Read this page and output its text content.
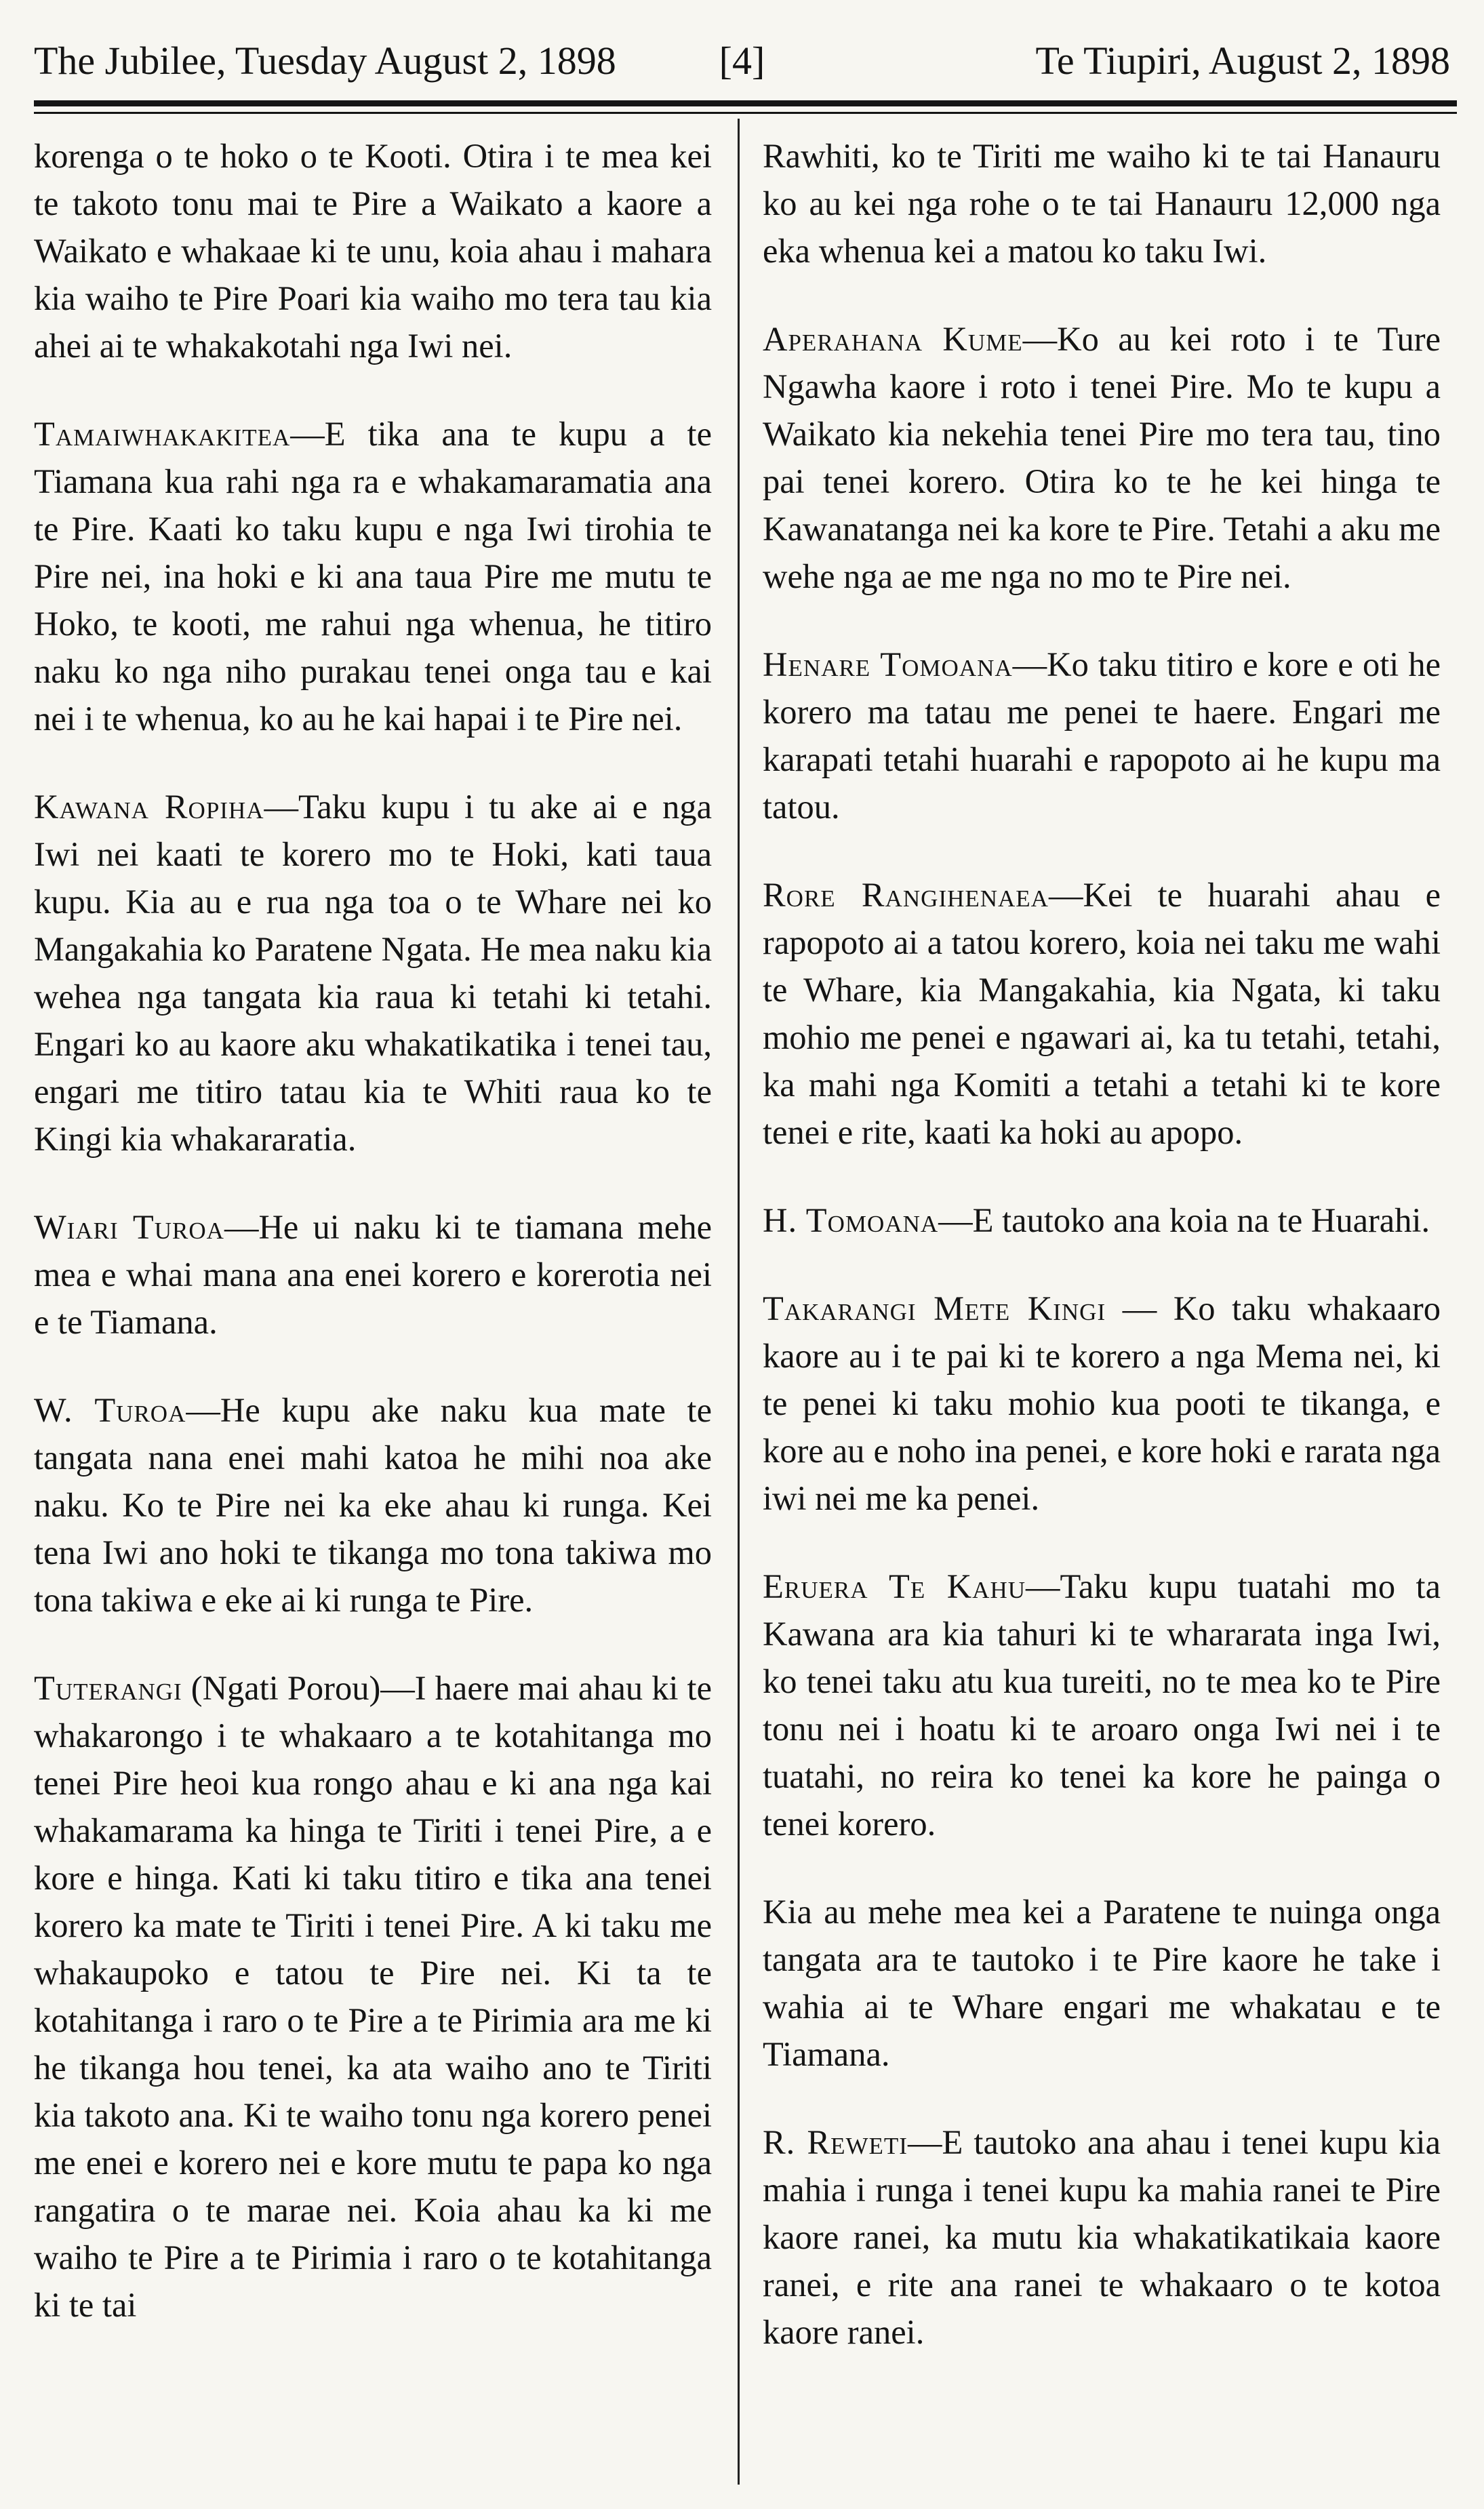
The Jubilee, Tuesday August 2, 1898	[4]	Te Tiupiri, August 2, 1898

korenga o te hoko o te Kooti. Otira i te mea kei te takoto tonu mai te Pire a Waikato a kaore a Waikato e whakaae ki te unu, koia ahau i mahara kia waiho te Pire Poari kia waiho mo tera tau kia ahei ai te whakakotahi nga Iwi nei.

Tamaiwhakakitea—E tika ana te kupu a te Tiamana kua rahi nga ra e whakamaramatia ana te Pire. Kaati ko taku kupu e nga Iwi tirohia te Pire nei, ina hoki e ki ana taua Pire me mutu te Hoko, te kooti, me rahui nga whenua, he titiro naku ko nga niho purakau tenei onga tau e kai nei i te whenua, ko au he kai hapai i te Pire nei.

Kawana Ropiha—Taku kupu i tu ake ai e nga Iwi nei kaati te korero mo te Hoki, kati taua kupu. Kia au e rua nga toa o te Whare nei ko Mangakahia ko Paratene Ngata. He mea naku kia wehea nga tangata kia raua ki tetahi ki tetahi. Engari ko au kaore aku whakatikatika i tenei tau, engari me titiro tatau kia te Whiti raua ko te Kingi kia whakararatia.

Wiari Turoa—He ui naku ki te tiamana mehe mea e whai mana ana enei korero e korerotia nei e te Tiamana.

W. Turoa—He kupu ake naku kua mate te tangata nana enei mahi katoa he mihi noa ake naku. Ko te Pire nei ka eke ahau ki runga. Kei tena Iwi ano hoki te tikanga mo tona takiwa mo tona takiwa e eke ai ki runga te Pire.

Tuterangi (Ngati Porou)—I haere mai ahau ki te whakarongo i te whakaaro a te kotahitanga mo tenei Pire heoi kua rongo ahau e ki ana nga kai whakamarama ka hinga te Tiriti i tenei Pire, a e kore e hinga. Kati ki taku titiro e tika ana tenei korero ka mate te Tiriti i tenei Pire. A ki taku me whakaupoko e tatou te Pire nei. Ki ta te kotahitanga i raro o te Pire a te Pirimia ara me ki he tikanga hou tenei, ka ata waiho ano te Tiriti kia takoto ana. Ki te waiho tonu nga korero penei me enei e korero nei e kore mutu te papa ko nga rangatira o te marae nei. Koia ahau ka ki me waiho te Pire a te Pirimia i raro o te kotahitanga ki te tai

Rawhiti, ko te Tiriti me waiho ki te tai Hanauru ko au kei nga rohe o te tai Hanauru 12,000 nga eka whenua kei a matou ko taku Iwi.

Aperahana Kume—Ko au kei roto i te Ture Ngawha kaore i roto i tenei Pire. Mo te kupu a Waikato kia nekehia tenei Pire mo tera tau, tino pai tenei korero. Otira ko te he kei hinga te Kawanatanga nei ka kore te Pire. Tetahi a aku me wehe nga ae me nga no mo te Pire nei.

Henare Tomoana—Ko taku titiro e kore e oti he korero ma tatau me penei te haere. Engari me karapati tetahi huarahi e rapopoto ai he kupu ma tatou.

Rore Rangihenaea—Kei te huarahi ahau e rapopoto ai a tatou korero, koia nei taku me wahi te Whare, kia Mangakahia, kia Ngata, ki taku mohio me penei e ngawari ai, ka tu tetahi, tetahi, ka mahi nga Komiti a tetahi a tetahi ki te kore tenei e rite, kaati ka hoki au apopo.

H. Tomoana—E tautoko ana koia na te Huarahi.

Takarangi Mete Kingi — Ko taku whakaaro kaore au i te pai ki te korero a nga Mema nei, ki te penei ki taku mohio kua pooti te tikanga, e kore au e noho ina penei, e kore hoki e rarata nga iwi nei me ka penei.

Eruera Te Kahu—Taku kupu tuatahi mo ta Kawana ara kia tahuri ki te whararata inga Iwi, ko tenei taku atu kua tureiti, no te mea ko te Pire tonu nei i hoatu ki te aroaro onga Iwi nei i te tuatahi, no reira ko tenei ka kore he painga o tenei korero.

Kia au mehe mea kei a Paratene te nuinga onga tangata ara te tautoko i te Pire kaore he take i wahia ai te Whare engari me whakatau e te Tiamana.

R. Reweti—E tautoko ana ahau i tenei kupu kia mahia i runga i tenei kupu ka mahia ranei te Pire kaore ranei, ka mutu kia whakatikatikaia kaore ranei, e rite ana ranei te whakaaro o te kotoa kaore ranei.
